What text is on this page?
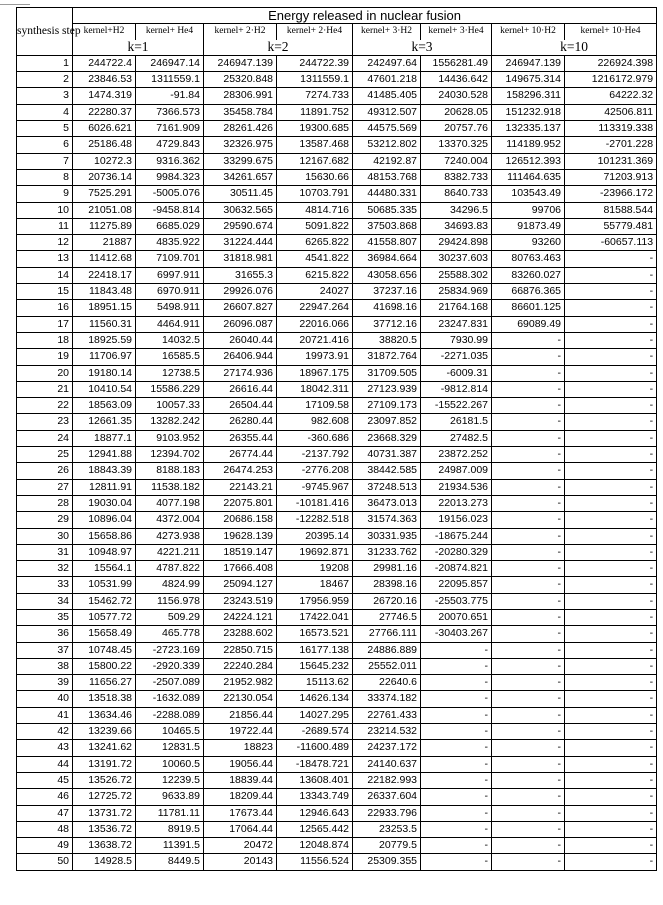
synthesis step	Energy released in nuclear fusion							
	kernel+H2	kernel+ He4	kernel+ 2·H2	kernel+ 2·He4	kernel+ 3·H2	kernel+ 3·He4	kernel+ 10·H2	kernel+ 10·He4
	k=1		k=2		k=3		k=10	
1	244722.4	246947.14	246947.139	244722.39	242497.64	1556281.49	246947.139	226924.398
2	23846.53	1311559.1	25320.848	1311559.1	47601.218	14436.642	149675.314	1216172.979
3	1474.319	-91.84	28306.991	7274.733	41485.405	24030.528	158296.311	64222.32
4	22280.37	7366.573	35458.784	11891.752	49312.507	20628.05	151232.918	42506.811
5	6026.621	7161.909	28261.426	19300.685	44575.569	20757.76	132335.137	113319.338
6	25186.48	4729.843	32326.975	13587.468	53212.802	13370.325	114189.952	-2701.228
7	10272.3	9316.362	33299.675	12167.682	42192.87	7240.004	126512.393	101231.369
8	20736.14	9984.323	34261.657	15630.66	48153.768	8382.733	111464.635	71203.913
9	7525.291	-5005.076	30511.45	10703.791	44480.331	8640.733	103543.49	-23966.172
10	21051.08	-9458.814	30632.565	4814.716	50685.335	34296.5	99706	81588.544
11	11275.89	6685.029	29590.674	5091.822	37503.868	34693.83	91873.49	55779.481
12	21887	4835.922	31224.444	6265.822	41558.807	29424.898	93260	-60657.113
13	11412.68	7109.701	31818.981	4541.822	36984.664	30237.603	80763.463	-
14	22418.17	6997.911	31655.3	6215.822	43058.656	25588.302	83260.027	-
15	11843.48	6970.911	29926.076	24027	37237.16	25834.969	66876.365	-
16	18951.15	5498.911	26607.827	22947.264	41698.16	21764.168	86601.125	-
17	11560.31	4464.911	26096.087	22016.066	37712.16	23247.831	69089.49	-
18	18925.59	14032.5	26040.44	20721.416	38820.5	7930.99	-	-
19	11706.97	16585.5	26406.944	19973.91	31872.764	-2271.035	-	-
20	19180.14	12738.5	27174.936	18967.175	31709.505	-6009.31	-	-
21	10410.54	15586.229	26616.44	18042.311	27123.939	-9812.814	-	-
22	18563.09	10057.33	26504.44	17109.58	27109.173	-15522.267	-	-
23	12661.35	13282.242	26280.44	982.608	23097.852	26181.5	-	-
24	18877.1	9103.952	26355.44	-360.686	23668.329	27482.5	-	-
25	12941.88	12394.702	26774.44	-2137.792	40731.387	23872.252	-	-
26	18843.39	8188.183	26474.253	-2776.208	38442.585	24987.009	-	-
27	12811.91	11538.182	22143.21	-9745.967	37248.513	21934.536	-	-
28	19030.04	4077.198	22075.801	-10181.416	36473.013	22013.273	-	-
29	10896.04	4372.004	20686.158	-12282.518	31574.363	19156.023	-	-
30	15658.86	4273.938	19628.139	20395.14	30331.935	-18675.244	-	-
31	10948.97	4221.211	18519.147	19692.871	31233.762	-20280.329	-	-
32	15564.1	4787.822	17666.408	19208	29981.16	-20874.821	-	-
33	10531.99	4824.99	25094.127	18467	28398.16	22095.857	-	-
34	15462.72	1156.978	23243.519	17956.959	26720.16	-25503.775	-	-
35	10577.72	509.29	24224.121	17422.041	27746.5	20070.651	-	-
36	15658.49	465.778	23288.602	16573.521	27766.111	-30403.267	-	-
37	10748.45	-2723.169	22850.715	16177.138	24886.889	-	-	-
38	15800.22	-2920.339	22240.284	15645.232	25552.011	-	-	-
39	11656.27	-2507.089	21952.982	15113.62	22640.6	-	-	-
40	13518.38	-1632.089	22130.054	14626.134	33374.182	-	-	-
41	13634.46	-2288.089	21856.44	14027.295	22761.433	-	-	-
42	13239.66	10465.5	19722.44	-2689.574	23214.532	-	-	-
43	13241.62	12831.5	18823	-11600.489	24237.172	-	-	-
44	13191.72	10060.5	19056.44	-18478.721	24140.637	-	-	-
45	13526.72	12239.5	18839.44	13608.401	22182.993	-	-	-
46	12725.72	9633.89	18209.44	13343.749	26337.604	-	-	-
47	13731.72	11781.11	17673.44	12946.643	22933.796	-	-	-
48	13536.72	8919.5	17064.44	12565.442	23253.5	-	-	-
49	13638.72	11391.5	20472	12048.874	20779.5	-	-	-
50	14928.5	8449.5	20143	11556.524	25309.355	-	-	-
